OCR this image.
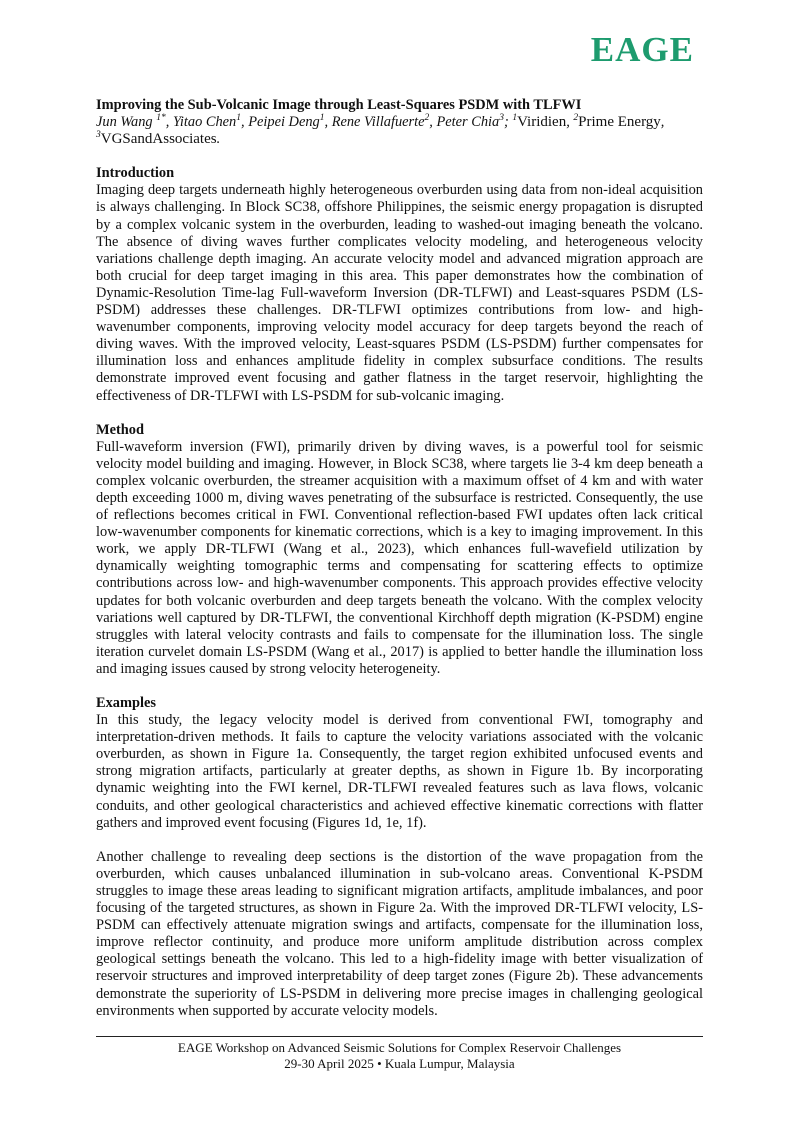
EAGE
Improving the Sub-Volcanic Image through Least-Squares PSDM with TLFWI
Jun Wang $^{1*}$, Yitao Chen$^1$, Peipei Deng$^1$, Rene Villafuerte$^2$, Peter Chia$^3$; $^1$Viridien, $^2$Prime Energy, $^3$VGSandAssociates.
Introduction

Imaging deep targets underneath highly heterogeneous overburden using data from non-ideal acquisition is always challenging. In Block SC38, offshore Philippines, the seismic energy propagation is disrupted by a complex volcanic system in the overburden, leading to washed-out imaging beneath the volcano. The absence of diving waves further complicates velocity modeling, and heterogeneous velocity variations challenge depth imaging. An accurate velocity model and advanced migration approach are both crucial for deep target imaging in this area. This paper demonstrates how the combination of Dynamic-Resolution Time-lag Full-waveform Inversion (DR-TLFWI) and Least-squares PSDM (LS-PSDM) addresses these challenges. DR-TLFWI optimizes contributions from low- and high-wavenumber components, improving velocity model accuracy for deep targets beyond the reach of diving waves. With the improved velocity, Least-squares PSDM (LS-PSDM) further compensates for illumination loss and enhances amplitude fidelity in complex subsurface conditions. The results demonstrate improved event focusing and gather flatness in the target reservoir, highlighting the effectiveness of DR-TLFWI with LS-PSDM for sub-volcanic imaging.

Method

Full-waveform inversion (FWI), primarily driven by diving waves, is a powerful tool for seismic velocity model building and imaging. However, in Block SC38, where targets lie 3-4 km deep beneath a complex volcanic overburden, the streamer acquisition with a maximum offset of 4 km and with water depth exceeding 1000 m, diving waves penetrating of the subsurface is restricted. Consequently, the use of reflections becomes critical in FWI. Conventional reflection-based FWI updates often lack critical low-wavenumber components for kinematic corrections, which is a key to imaging improvement. In this work, we apply DR-TLFWI (Wang et al., 2023), which enhances full-wavefield utilization by dynamically weighting tomographic terms and compensating for scattering effects to optimize contributions across low- and high-wavenumber components. This approach provides effective velocity updates for both volcanic overburden and deep targets beneath the volcano. With the complex velocity variations well captured by DR-TLFWI, the conventional Kirchhoff depth migration (K-PSDM) engine struggles with lateral velocity contrasts and fails to compensate for the illumination loss. The single iteration curvelet domain LS-PSDM (Wang et al., 2017) is applied to better handle the illumination loss and imaging issues caused by strong velocity heterogeneity.

Examples

In this study, the legacy velocity model is derived from conventional FWI, tomography and interpretation-driven methods. It fails to capture the velocity variations associated with the volcanic overburden, as shown in Figure 1a. Consequently, the target region exhibited unfocused events and strong migration artifacts, particularly at greater depths, as shown in Figure 1b. By incorporating dynamic weighting into the FWI kernel, DR-TLFWI revealed features such as lava flows, volcanic conduits, and other geological characteristics and achieved effective kinematic corrections with flatter gathers and improved event focusing (Figures 1d, 1e, 1f).

Another challenge to revealing deep sections is the distortion of the wave propagation from the overburden, which causes unbalanced illumination in sub-volcano areas. Conventional K-PSDM struggles to image these areas leading to significant migration artifacts, amplitude imbalances, and poor focusing of the targeted structures, as shown in Figure 2a. With the improved DR-TLFWI velocity, LS-PSDM can effectively attenuate migration swings and artifacts, compensate for the illumination loss, improve reflector continuity, and produce more uniform amplitude distribution across complex geological settings beneath the volcano. This led to a high-fidelity image with better visualization of reservoir structures and improved interpretability of deep target zones (Figure 2b). These advancements demonstrate the superiority of LS-PSDM in delivering more precise images in challenging geological environments when supported by accurate velocity models.

EAGE Workshop on Advanced Seismic Solutions for Complex Reservoir Challenges
29-30 April 2025 • Kuala Lumpur, Malaysia
